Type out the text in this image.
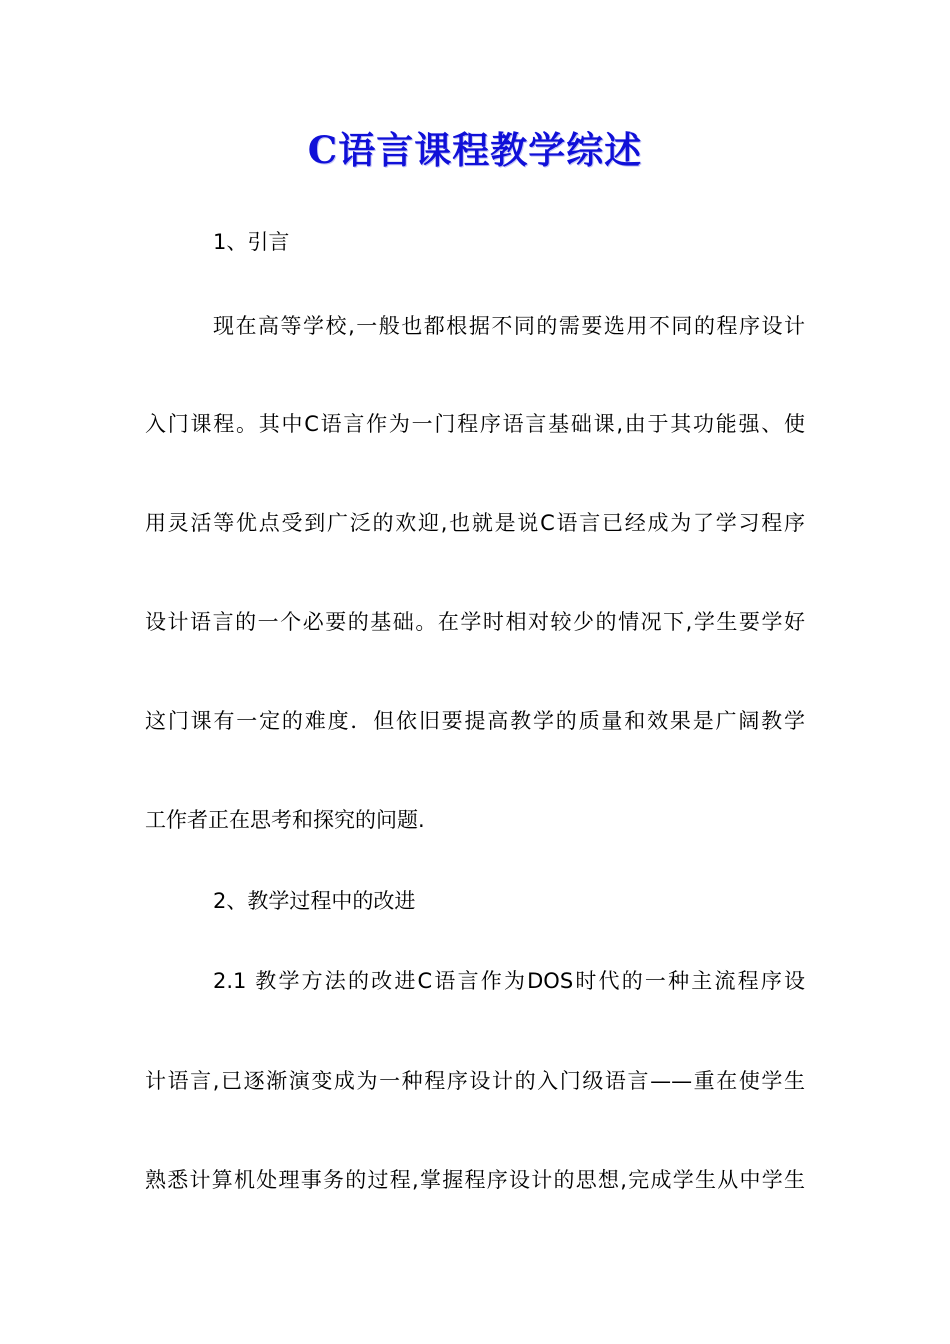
C语言课程教学综述
1、引言
现在高等学校,一般也都根据不同的需要选用不同的程序设计
入门课程。其中C语言作为一门程序语言基础课,由于其功能强、使
用灵活等优点受到广泛的欢迎,也就是说C语言已经成为了学习程序
设计语言的一个必要的基础。在学时相对较少的情况下,学生要学好
这门课有一定的难度．但依旧要提高教学的质量和效果是广阔教学
工作者正在思考和探究的问题.
2、教学过程中的改进
2.1 教学方法的改进C语言作为DOS时代的一种主流程序设
计语言,已逐渐演变成为一种程序设计的入门级语言——重在使学生
熟悉计算机处理事务的过程,掌握程序设计的思想,完成学生从中学生
